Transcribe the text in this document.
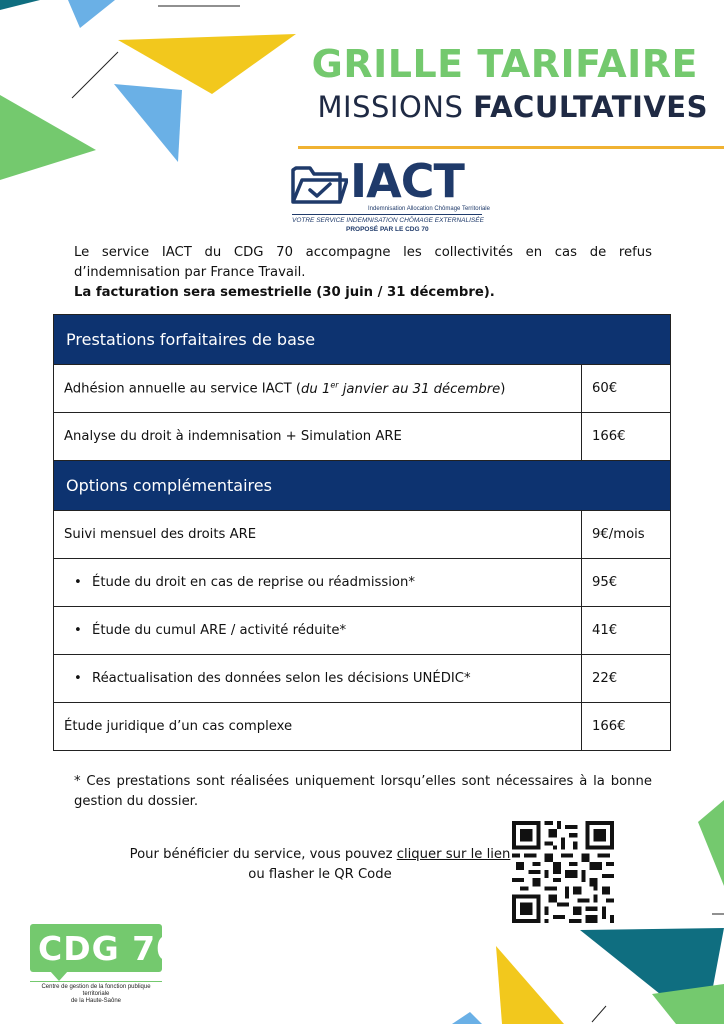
GRILLE TARIFAIRE
MISSIONS FACULTATIVES
IACT
Indemnisation Allocation Chômage Territoriale
VOTRE SERVICE INDEMNISATION CHÔMAGE EXTERNALISÉE
PROPOSÉ PAR LE CDG 70
Le service IACT du CDG 70 accompagne les collectivités en cas de refus d’indemnisation par France Travail.
La facturation sera semestrielle (30 juin / 31 décembre).
Prestations forfaitaires de base	
Adhésion annuelle au service IACT (du 1er janvier au 31 décembre)	60€
Analyse du droit à indemnisation + Simulation ARE	166€
Options complémentaires	
Suivi mensuel des droits ARE	9€/mois
• Étude du droit en cas de reprise ou réadmission*	95€
• Étude du cumul ARE / activité réduite*	41€
• Réactualisation des données selon les décisions UNÉDIC*	22€
Étude juridique d’un cas complexe	166€
* Ces prestations sont réalisées uniquement lorsqu’elles sont nécessaires à la bonne gestion du dossier.
Pour bénéficier du service, vous pouvez cliquer sur le lien
ou flasher le QR Code
CDG 70
Centre de gestion de la fonction publique territoriale
de la Haute-Saône
